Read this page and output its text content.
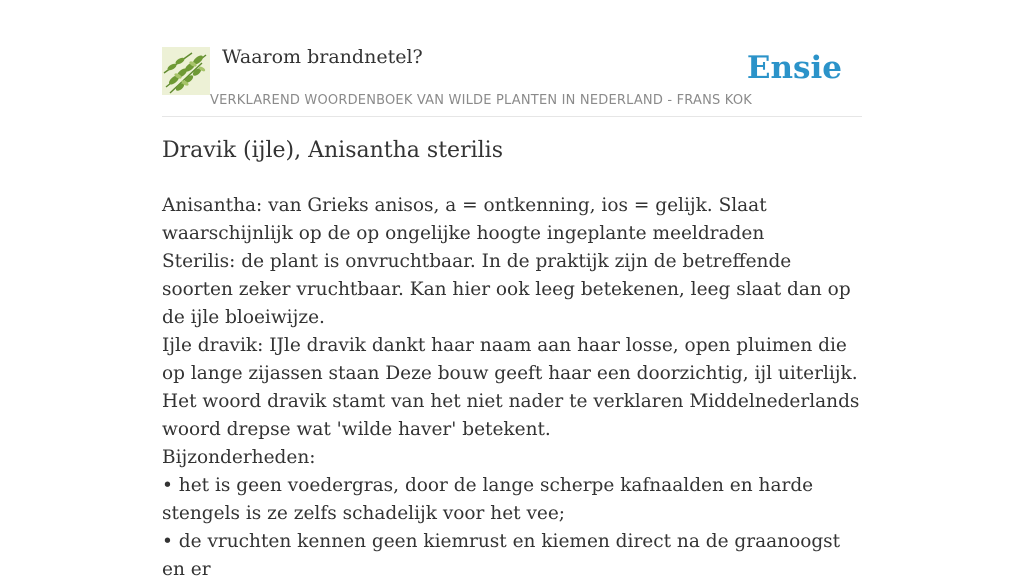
Waarom brandnetel?
VERKLAREND WOORDENBOEK VAN WILDE PLANTEN IN NEDERLAND - FRANS KOK
Ensie
Dravik (ijle), Anisantha sterilis

Anisantha: van Grieks anisos, a = ontkenning, ios = gelijk. Slaat waarschijnlijk op de op ongelijke hoogte ingeplante meeldraden

Sterilis: de plant is onvruchtbaar. In de praktijk zijn de betreffende soorten zeker vruchtbaar. Kan hier ook leeg betekenen, leeg slaat dan op de ijle bloeiwijze.

Ijle dravik: IJle dravik dankt haar naam aan haar losse, open pluimen die op lange zijassen staan Deze bouw geeft haar een doorzichtig, ijl uiterlijk.

Het woord dravik stamt van het niet nader te verklaren Middelnederlands woord drepse wat 'wilde haver' betekent.

Bijzonderheden:

• het is geen voedergras, door de lange scherpe kafnaalden en harde stengels is ze zelfs schadelijk voor het vee;

• de vruchten kennen geen kiemrust en kiemen direct na de graanoogst en er
